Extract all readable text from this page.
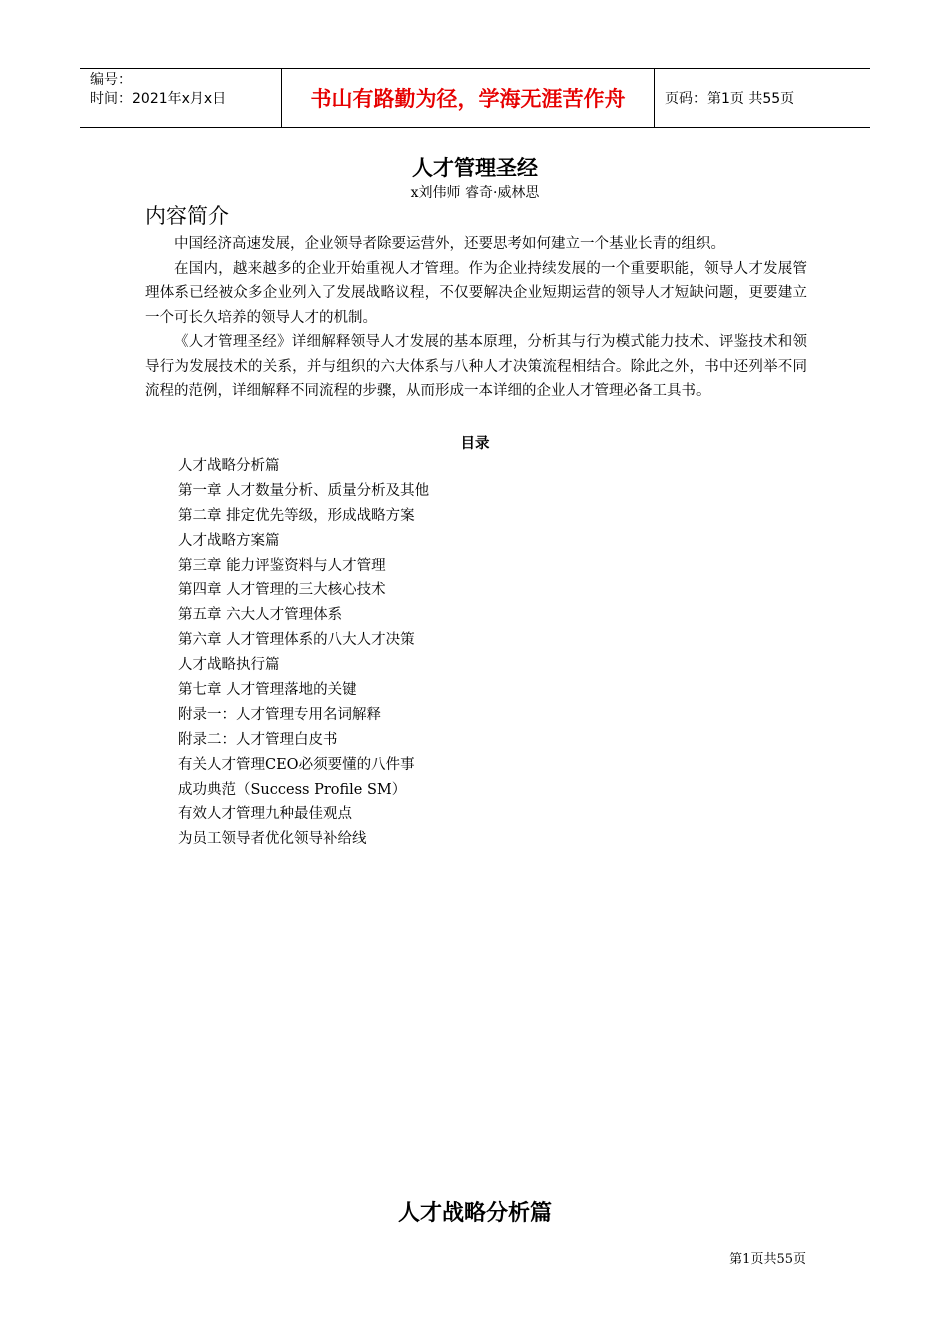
编号：
时间：2021年x月x日	书山有路勤为径，学海无涯苦作舟	页码：第1页 共55页
人才管理圣经
x刘伟师 睿奇·威林思
内容简介

中国经济高速发展，企业领导者除要运营外，还要思考如何建立一个基业长青的组织。

在国内，越来越多的企业开始重视人才管理。作为企业持续发展的一个重要职能，领导人才发展管理体系已经被众多企业列入了发展战略议程，不仅要解决企业短期运营的领导人才短缺问题，更要建立一个可长久培养的领导人才的机制。

《人才管理圣经》详细解释领导人才发展的基本原理，分析其与行为模式能力技术、评鉴技术和领导行为发展技术的关系，并与组织的六大体系与八种人才决策流程相结合。除此之外，书中还列举不同流程的范例，详细解释不同流程的步骤，从而形成一本详细的企业人才管理必备工具书。

目录
人才战略分析篇
第一章 人才数量分析、质量分析及其他
第二章 排定优先等级，形成战略方案
人才战略方案篇
第三章 能力评鉴资料与人才管理
第四章 人才管理的三大核心技术
第五章 六大人才管理体系
第六章 人才管理体系的八大人才决策
人才战略执行篇
第七章 人才管理落地的关键
附录一：人才管理专用名词解释
附录二：人才管理白皮书
有关人才管理CEO必须要懂的八件事
成功典范（Success Profile SM）
有效人才管理九种最佳观点
为员工领导者优化领导补给线
人才战略分析篇
第1页共55页
